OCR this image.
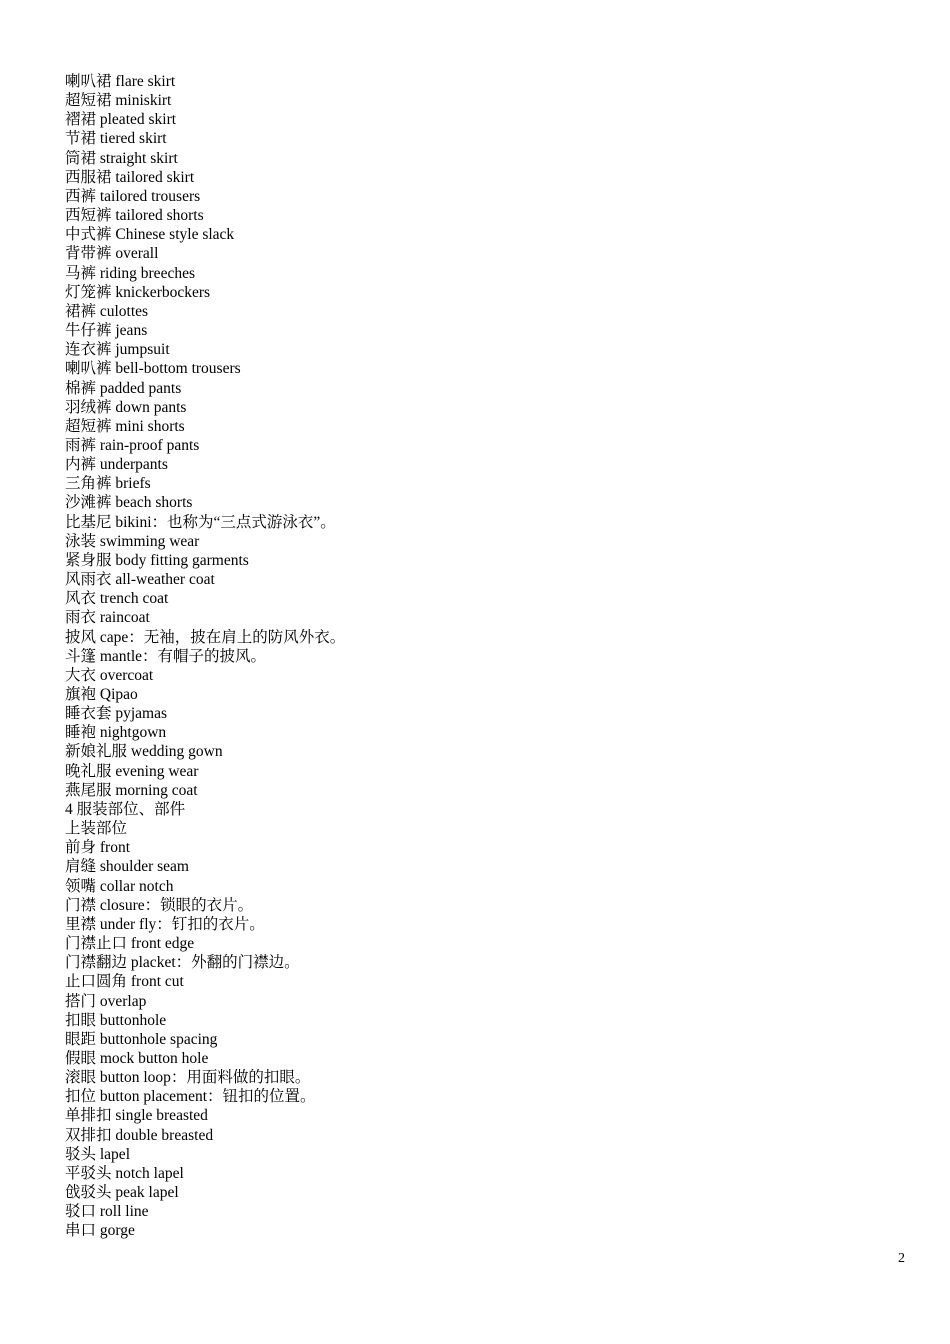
喇叭裙 flare skirt
超短裙 miniskirt
褶裙 pleated skirt
节裙 tiered skirt
筒裙 straight skirt
西服裙 tailored skirt
西裤 tailored trousers
西短裤 tailored shorts
中式裤 Chinese style slack
背带裤 overall
马裤 riding breeches
灯笼裤 knickerbockers
裙裤 culottes
牛仔裤 jeans
连衣裤 jumpsuit
喇叭裤 bell-bottom trousers
棉裤 padded pants
羽绒裤 down pants
超短裤 mini shorts
雨裤 rain-proof pants
内裤 underpants
三角裤 briefs
沙滩裤 beach shorts
比基尼 bikini：也称为“三点式游泳衣”。
泳装 swimming wear
紧身服 body fitting garments
风雨衣 all-weather coat
风衣 trench coat
雨衣 raincoat
披风 cape：无袖，披在肩上的防风外衣。
斗篷 mantle：有帽子的披风。
大衣 overcoat
旗袍 Qipao
睡衣套 pyjamas
睡袍 nightgown
新娘礼服 wedding gown
晚礼服 evening wear
燕尾服 morning coat
4 服装部位、部件
上装部位
前身 front
肩缝 shoulder seam
领嘴 collar notch
门襟 closure：锁眼的衣片。
里襟 under fly：钉扣的衣片。
门襟止口 front edge
门襟翻边 placket：外翻的门襟边。
止口圆角 front cut
搭门 overlap
扣眼 buttonhole
眼距 buttonhole spacing
假眼 mock button hole
滚眼 button loop：用面料做的扣眼。
扣位 button placement：钮扣的位置。
单排扣 single breasted
双排扣 double breasted
驳头 lapel
平驳头 notch lapel
戗驳头 peak lapel
驳口 roll line
串口 gorge
2
